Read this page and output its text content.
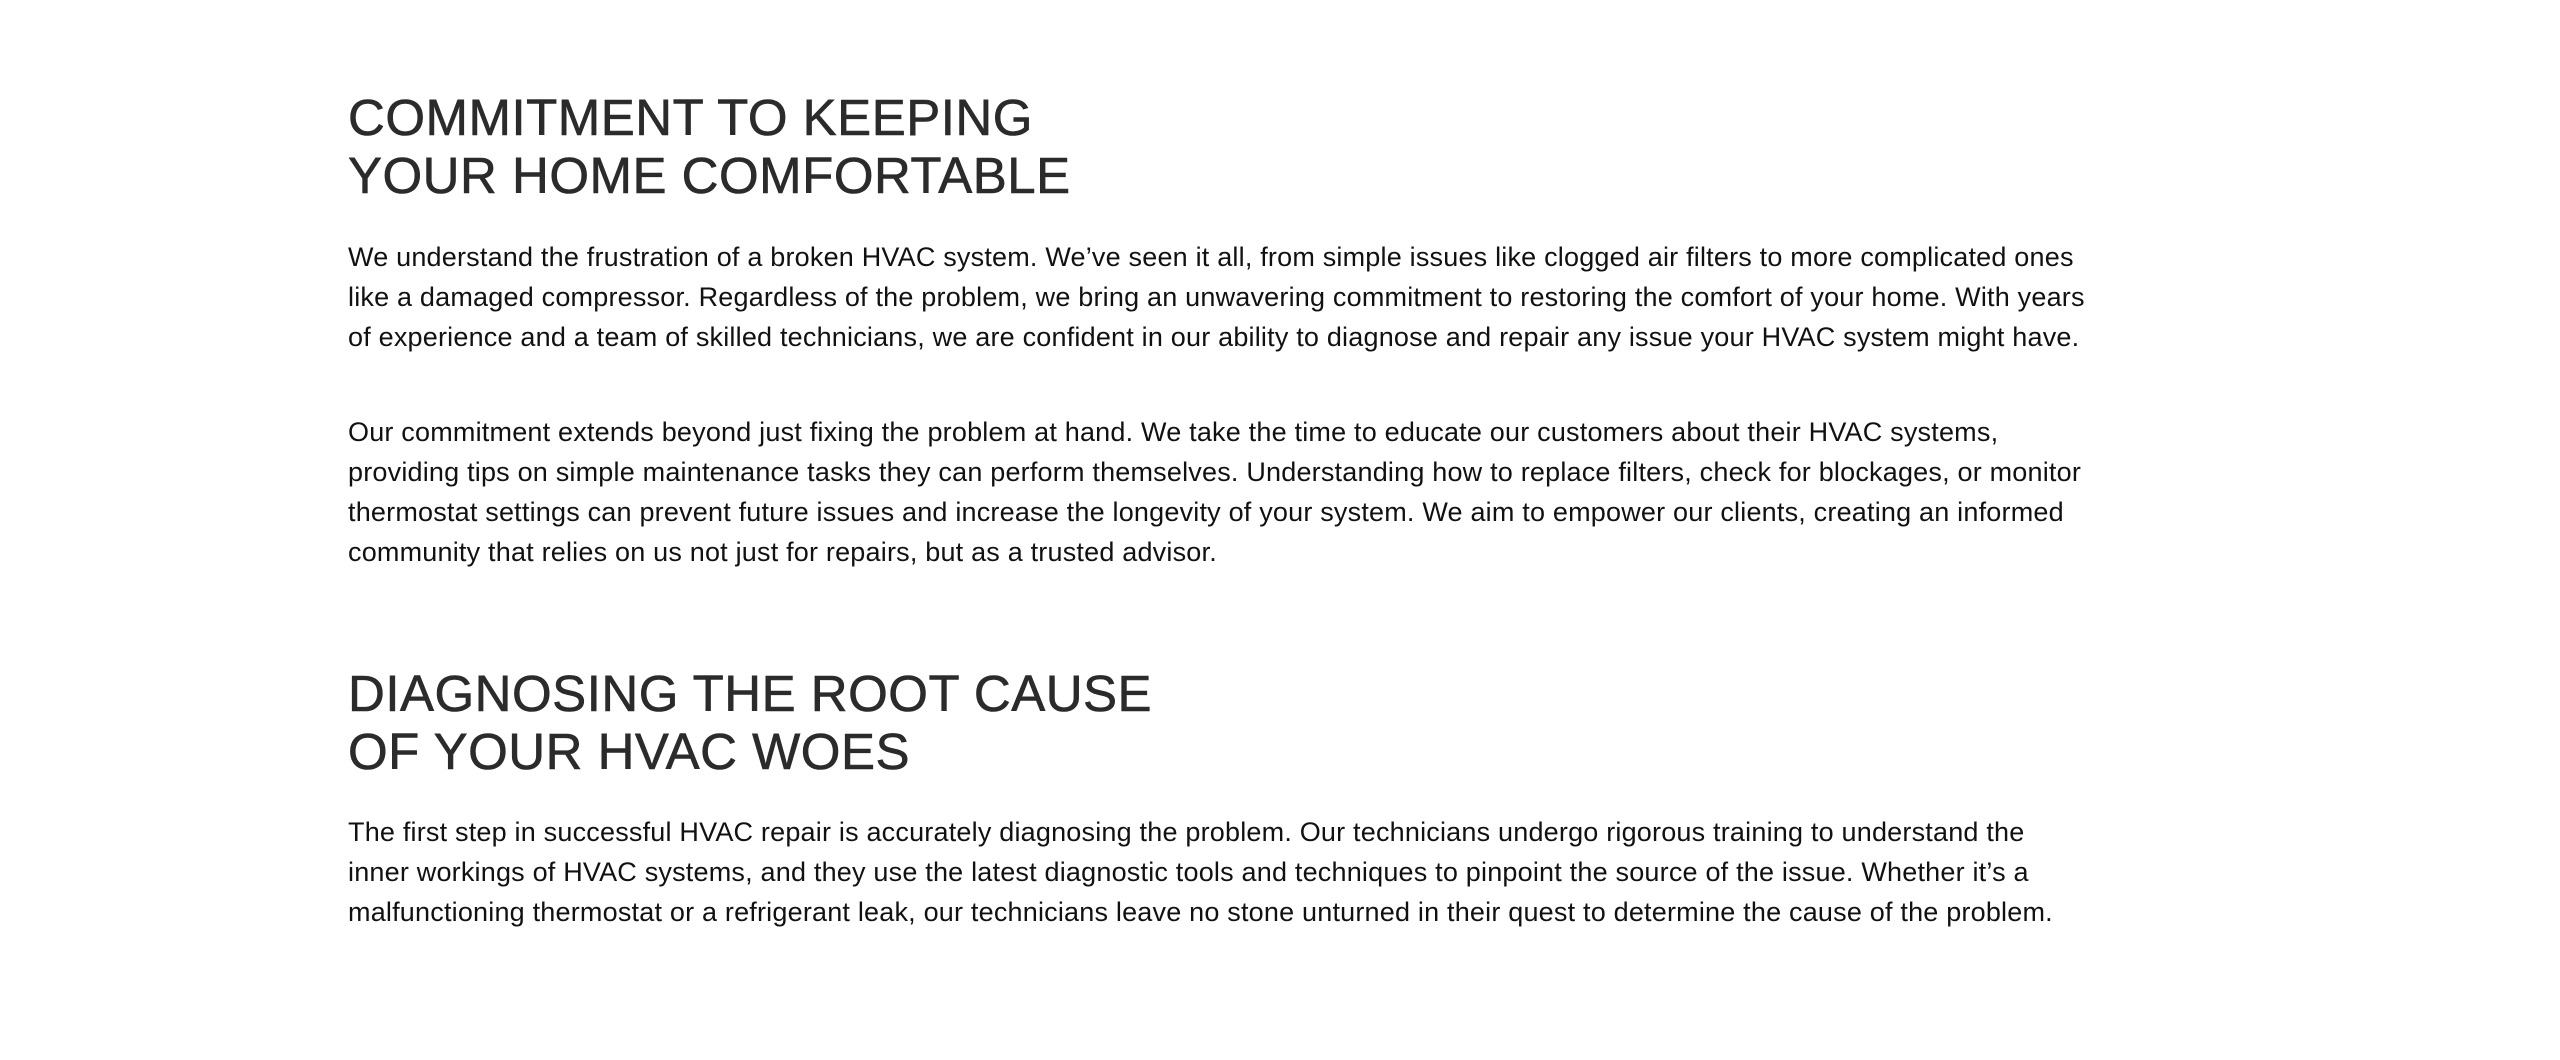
COMMITMENT TO KEEPING
YOUR HOME COMFORTABLE

We understand the frustration of a broken HVAC system. We’ve seen it all, from simple issues like clogged air filters to more complicated ones like a damaged compressor. Regardless of the problem, we bring an unwavering commitment to restoring the comfort of your home. With years of experience and a team of skilled technicians, we are confident in our ability to diagnose and repair any issue your HVAC system might have.

Our commitment extends beyond just fixing the problem at hand. We take the time to educate our customers about their HVAC systems, providing tips on simple maintenance tasks they can perform themselves. Understanding how to replace filters, check for blockages, or monitor thermostat settings can prevent future issues and increase the longevity of your system. We aim to empower our clients, creating an informed community that relies on us not just for repairs, but as a trusted advisor.

DIAGNOSING THE ROOT CAUSE
OF YOUR HVAC WOES

The first step in successful HVAC repair is accurately diagnosing the problem. Our technicians undergo rigorous training to understand the inner workings of HVAC systems, and they use the latest diagnostic tools and techniques to pinpoint the source of the issue. Whether it’s a malfunctioning thermostat or a refrigerant leak, our technicians leave no stone unturned in their quest to determine the cause of the problem.
